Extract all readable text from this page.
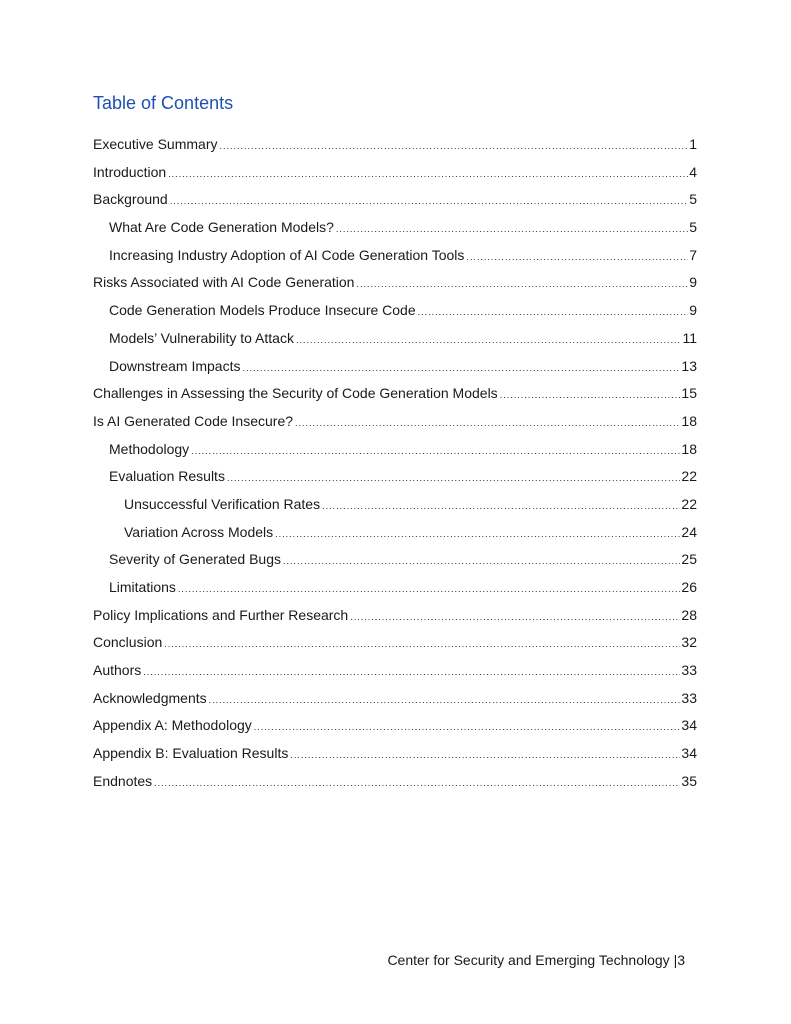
Table of Contents
Executive Summary .....	1
Introduction .....	4
Background .....	5
What Are Code Generation Models? .....	5
Increasing Industry Adoption of AI Code Generation Tools .....	7
Risks Associated with AI Code Generation .....	9
Code Generation Models Produce Insecure Code .....	9
Models’ Vulnerability to Attack .....	11
Downstream Impacts .....	13
Challenges in Assessing the Security of Code Generation Models .....	15
Is AI Generated Code Insecure? .....	18
Methodology .....	18
Evaluation Results .....	22
Unsuccessful Verification Rates .....	22
Variation Across Models .....	24
Severity of Generated Bugs .....	25
Limitations .....	26
Policy Implications and Further Research .....	28
Conclusion .....	32
Authors .....	33
Acknowledgments .....	33
Appendix A: Methodology .....	34
Appendix B: Evaluation Results .....	34
Endnotes .....	35
Center for Security and Emerging Technology |3
